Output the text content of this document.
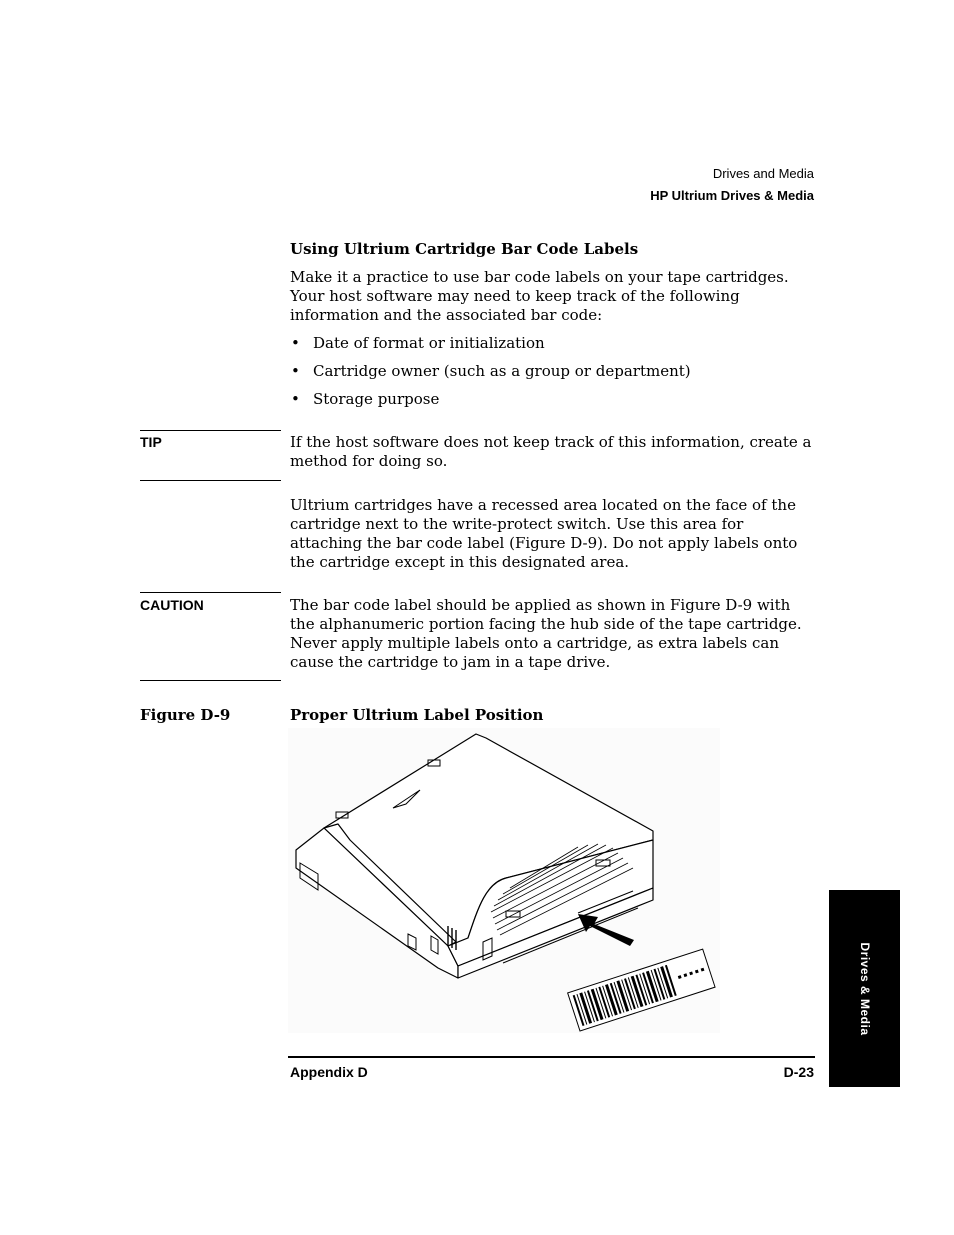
Drives and Media
HP Ultrium Drives & Media
Using Ultrium Cartridge Bar Code Labels
Make it a practice to use bar code labels on your tape cartridges. Your host software may need to keep track of the following information and the associated bar code:
• Date of format or initialization
• Cartridge owner (such as a group or department)
• Storage purpose
TIP	If the host software does not keep track of this information, create a method for doing so.
Ultrium cartridges have a recessed area located on the face of the cartridge next to the write-protect switch. Use this area for attaching the bar code label (Figure D-9). Do not apply labels onto the cartridge except in this designated area.
CAUTION	The bar code label should be applied as shown in Figure D-9 with the alphanumeric portion facing the hub side of the tape cartridge. Never apply multiple labels onto a cartridge, as extra labels can cause the cartridge to jam in a tape drive.
Figure D-9	Proper Ultrium Label Position
Appendix D	D-23
Drives & Media
